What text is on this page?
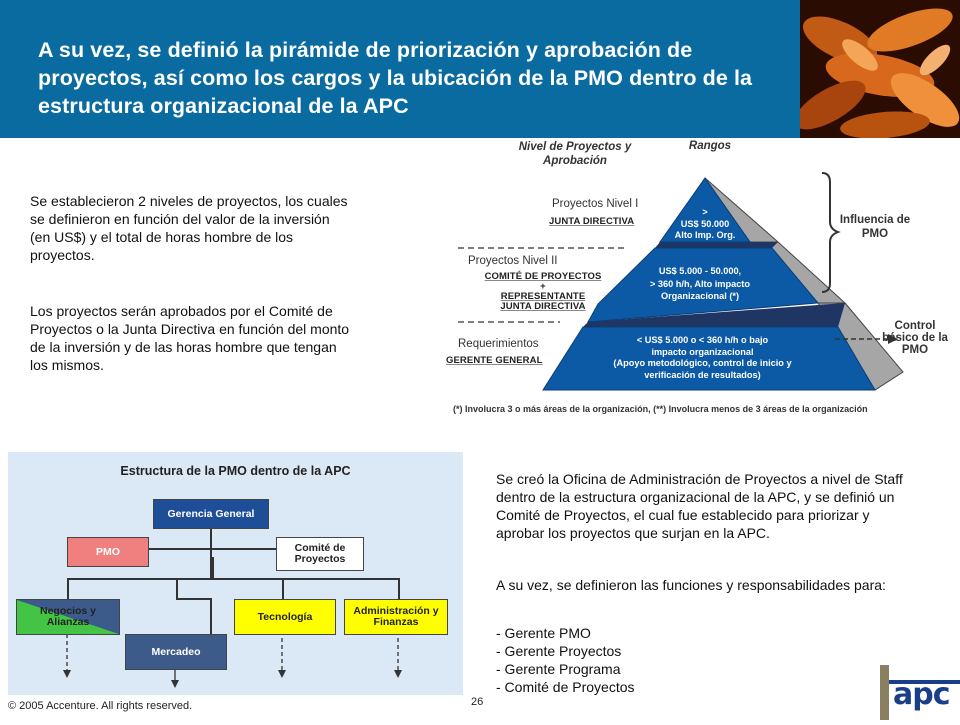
A su vez, se definió la pirámide de priorización y aprobación de proyectos, así como los cargos y la ubicación de la PMO dentro de la estructura organizacional de la APC
Se establecieron 2 niveles de proyectos, los cuales se definieron en función del valor de la inversión (en US$) y el total de horas hombre de los proyectos.
Los proyectos serán aprobados por el Comité de Proyectos o la Junta Directiva en función del monto de la inversión y de las horas hombre que tengan los mismos.
Nivel de Proyectos y Aprobación
Rangos
Proyectos Nivel I
JUNTA DIRECTIVA
Proyectos Nivel II
COMITÉ DE PROYECTOS
+
REPRESENTANTE
JUNTA DIRECTIVA
Requerimientos
GERENTE GENERAL
>
US$ 50.000
Alto Imp. Org.
US$ 5.000 - 50.000,
> 360 h/h, Alto impacto
Organizacional (*)
< US$ 5.000 o < 360 h/h o bajo
impacto organizacional
(Apoyo metodológico, control de inicio y
verificación de resultados)
Influencia de PMO
Control básico de la PMO
(*) Involucra 3 o más áreas de la organización, (**) Involucra menos de 3 áreas de la organización
Estructura de la PMO dentro de la APC
Gerencia General
PMO	Comité de Proyectos
Negocios y Alianzas	Tecnología	Administración y Finanzas
Mercadeo
Se creó la Oficina de Administración de Proyectos a nivel de Staff dentro de la estructura organizacional de la APC, y se definió un Comité de Proyectos, el cual fue establecido para priorizar y aprobar los proyectos que surjan en la APC.
A su vez, se definieron las funciones y responsabilidades para:
- Gerente PMO
- Gerente Proyectos
- Gerente Programa
- Comité de Proyectos
© 2005 Accenture. All rights reserved.	26	apc
